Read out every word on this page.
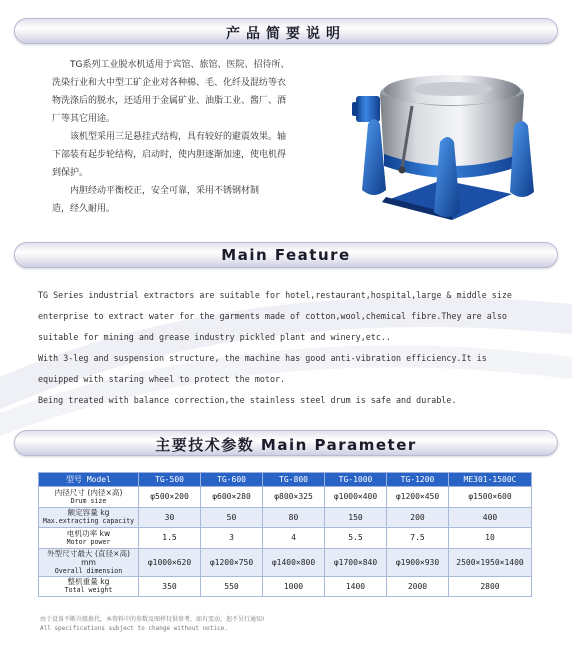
产品简要说明
TG系列工业脱水机适用于宾馆、旅馆、医院、招待所、
洗染行业和大中型工矿企业对各种棉、毛、化纤及混纺等衣
物洗涤后的脱水，还适用于金属矿业、油脂工业、酱厂、酒
厂等其它用途。
该机型采用三足悬挂式结构，具有较好的避震效果。轴
下部装有起步轮结构，启动时，使内胆逐渐加速，使电机得
到保护。
内胆经动平衡校正，安全可靠，采用不锈钢材制
造，经久耐用。
Main Feature
TG Series industrial extractors are suitable for hotel,restaurant,hospital,large & middle size
enterprise to extract water for the garments made of cotton,wool,chemical fibre.They are also
suitable for mining and grease industry pickled plant and winery,etc..
With 3-leg and suspension structure, the machine has good anti-vibration efficiency.It is
equipped with staring wheel to protect the motor.
Being treated with balance correction,the stainless steel drum is safe and durable.
主要技术参数 Main Parameter
型号 Model	TG-500	TG-600	TG-800	TG-1000	TG-1200	ME301-1500C

内径尺寸 (内径×高)
Drum size	φ500×200	φ600×280	φ800×325	φ1000×400	φ1200×450	φ1500×600

额定容量 kg
Max.extracting capacity	30	50	80	150	200	400

电机功率 kw
Motor power	1.5	3	4	5.5	7.5	10

外型尺寸最大 (直径×高) mm
Overall dimension	φ1000×620	φ1200×750	φ1400×800	φ1700×840	φ1900×930	2500×1950×1400

整机重量 kg
Total weight	350	550	1000	1400	2000	2800
由于设备不断升级换代，本资料中的参数及图样仅供参考，如有变动，恕不另行通知!
All specifications subject to change without notice.
